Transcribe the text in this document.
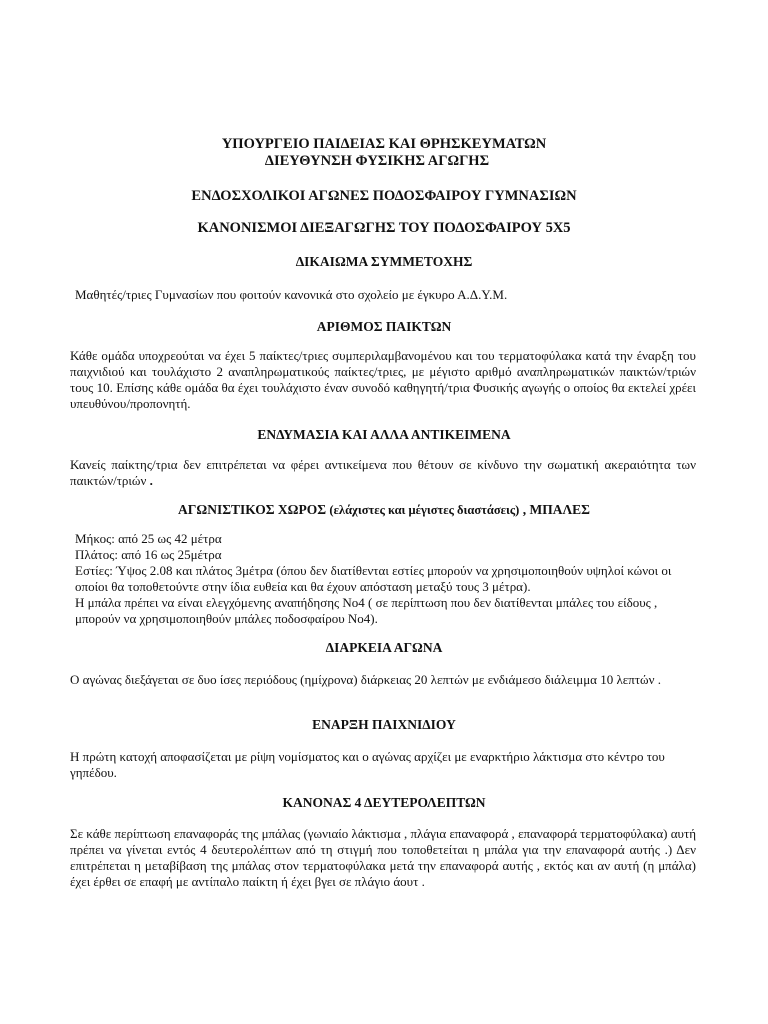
ΥΠΟΥΡΓΕΙΟ ΠΑΙΔΕΙΑΣ ΚΑΙ ΘΡΗΣΚΕΥΜΑΤΩΝ
ΔΙΕΥΘΥΝΣΗ ΦΥΣΙΚΗΣ ΑΓΩΓΗΣ
ΕΝΔΟΣΧΟΛΙΚΟΙ ΑΓΩΝΕΣ ΠΟΔΟΣΦΑΙΡΟΥ ΓΥΜΝΑΣΙΩΝ
ΚΑΝΟΝΙΣΜΟΙ ΔΙΕΞΑΓΩΓΗΣ ΤΟΥ ΠΟΔΟΣΦΑΙΡΟΥ 5Χ5
ΔΙΚΑΙΩΜΑ ΣΥΜΜΕΤΟΧΗΣ
Μαθητές/τριες Γυμνασίων που φοιτούν κανονικά στο σχολείο με έγκυρο Α.Δ.Υ.Μ.
ΑΡΙΘΜΟΣ ΠΑΙΚΤΩΝ
Κάθε ομάδα υποχρεούται να έχει 5 παίκτες/τριες συμπεριλαμβανομένου και του τερματοφύλακα κατά την έναρξη του παιχνιδιού και τουλάχιστο 2 αναπληρωματικούς παίκτες/τριες, με μέγιστο αριθμό αναπληρωματικών παικτών/τριών τους 10. Επίσης κάθε ομάδα θα έχει τουλάχιστο έναν συνοδό καθηγητή/τρια Φυσικής αγωγής ο οποίος θα εκτελεί χρέει υπευθύνου/προπονητή.
ΕΝΔΥΜΑΣΙΑ ΚΑΙ ΑΛΛΑ ΑΝΤΙΚΕΙΜΕΝΑ
Κανείς παίκτης/τρια δεν επιτρέπεται να φέρει αντικείμενα που θέτουν σε κίνδυνο την σωματική ακεραιότητα των παικτών/τριών .
ΑΓΩΝΙΣΤΙΚΟΣ ΧΩΡΟΣ (ελάχιστες και μέγιστες διαστάσεις) , ΜΠΑΛΕΣ
Μήκος: από 25 ως 42 μέτρα
Πλάτος: από 16 ως 25μέτρα
Εστίες: Ύψος 2.08 και πλάτος 3μέτρα (όπου δεν διατίθενται εστίες μπορούν να χρησιμοποιηθούν υψηλοί κώνοι οι οποίοι θα τοποθετούντε στην ίδια ευθεία και θα έχουν απόσταση μεταξύ τους 3 μέτρα).
Η μπάλα πρέπει να είναι ελεγχόμενης αναπήδησης Νο4 ( σε περίπτωση που δεν διατίθενται μπάλες του είδους , μπορούν να χρησιμοποιηθούν μπάλες ποδοσφαίρου Νο4).
ΔΙΑΡΚΕΙΑ ΑΓΩΝΑ
Ο αγώνας διεξάγεται σε δυο ίσες περιόδους (ημίχρονα) διάρκειας 20 λεπτών με ενδιάμεσο διάλειμμα 10 λεπτών .
ΕΝΑΡΞΗ ΠΑΙΧΝΙΔΙΟΥ
Η πρώτη κατοχή αποφασίζεται με ρίψη νομίσματος και ο αγώνας αρχίζει με εναρκτήριο λάκτισμα στο κέντρο του γηπέδου.
ΚΑΝΟΝΑΣ 4 ΔΕΥΤΕΡΟΛΕΠΤΩΝ
Σε κάθε περίπτωση επαναφοράς της μπάλας (γωνιαίο λάκτισμα , πλάγια επαναφορά , επαναφορά τερματοφύλακα) αυτή πρέπει να γίνεται εντός 4 δευτερολέπτων από τη στιγμή που τοποθετείται η μπάλα για την επαναφορά αυτής .) Δεν επιτρέπεται η μεταβίβαση της μπάλας στον τερματοφύλακα μετά την επαναφορά αυτής , εκτός και αν αυτή (η μπάλα) έχει έρθει σε επαφή με αντίπαλο παίκτη ή έχει βγει σε πλάγιο άουτ .
